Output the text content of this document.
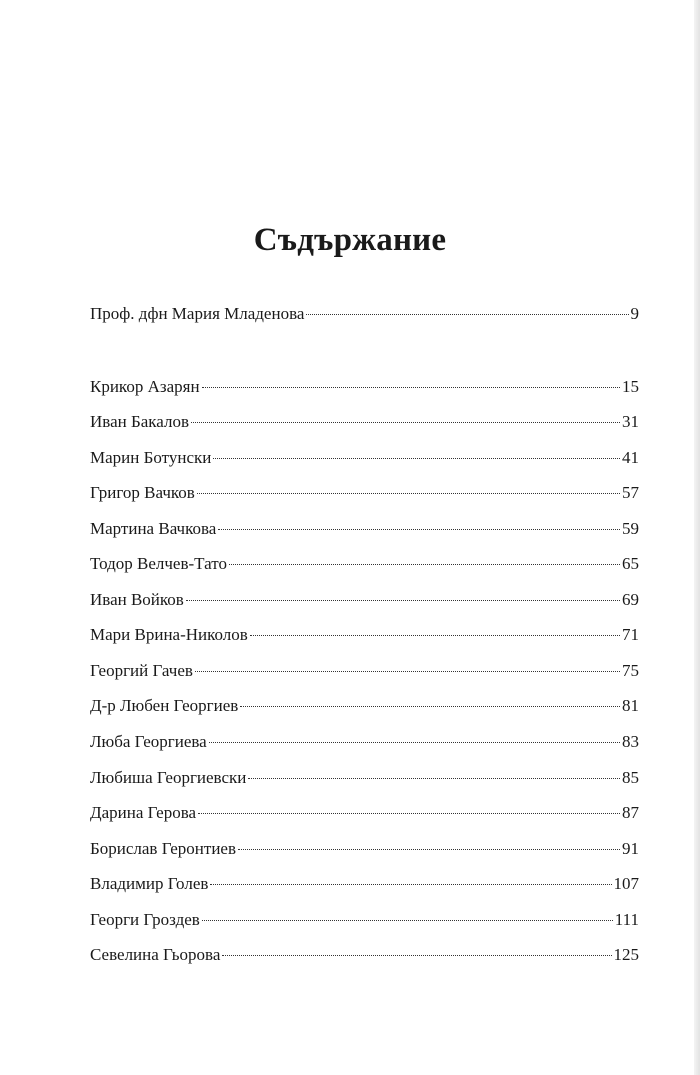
Съдържание
Проф. дфн Мария Младенова	9
Крикор Азарян	15
Иван Бакалов	31
Марин Ботунски	41
Григор Вачков	57
Мартина Вачкова	59
Тодор Велчев-Тато	65
Иван Войков	69
Мари Врина-Николов	71
Георгий Гачев	75
Д-р Любен Георгиев	81
Люба Георгиева	83
Любиша Георгиевски	85
Дарина Герова	87
Борислав Геронтиев	91
Владимир Голев	107
Георги Гроздев	111
Севелина Гьорова	125
